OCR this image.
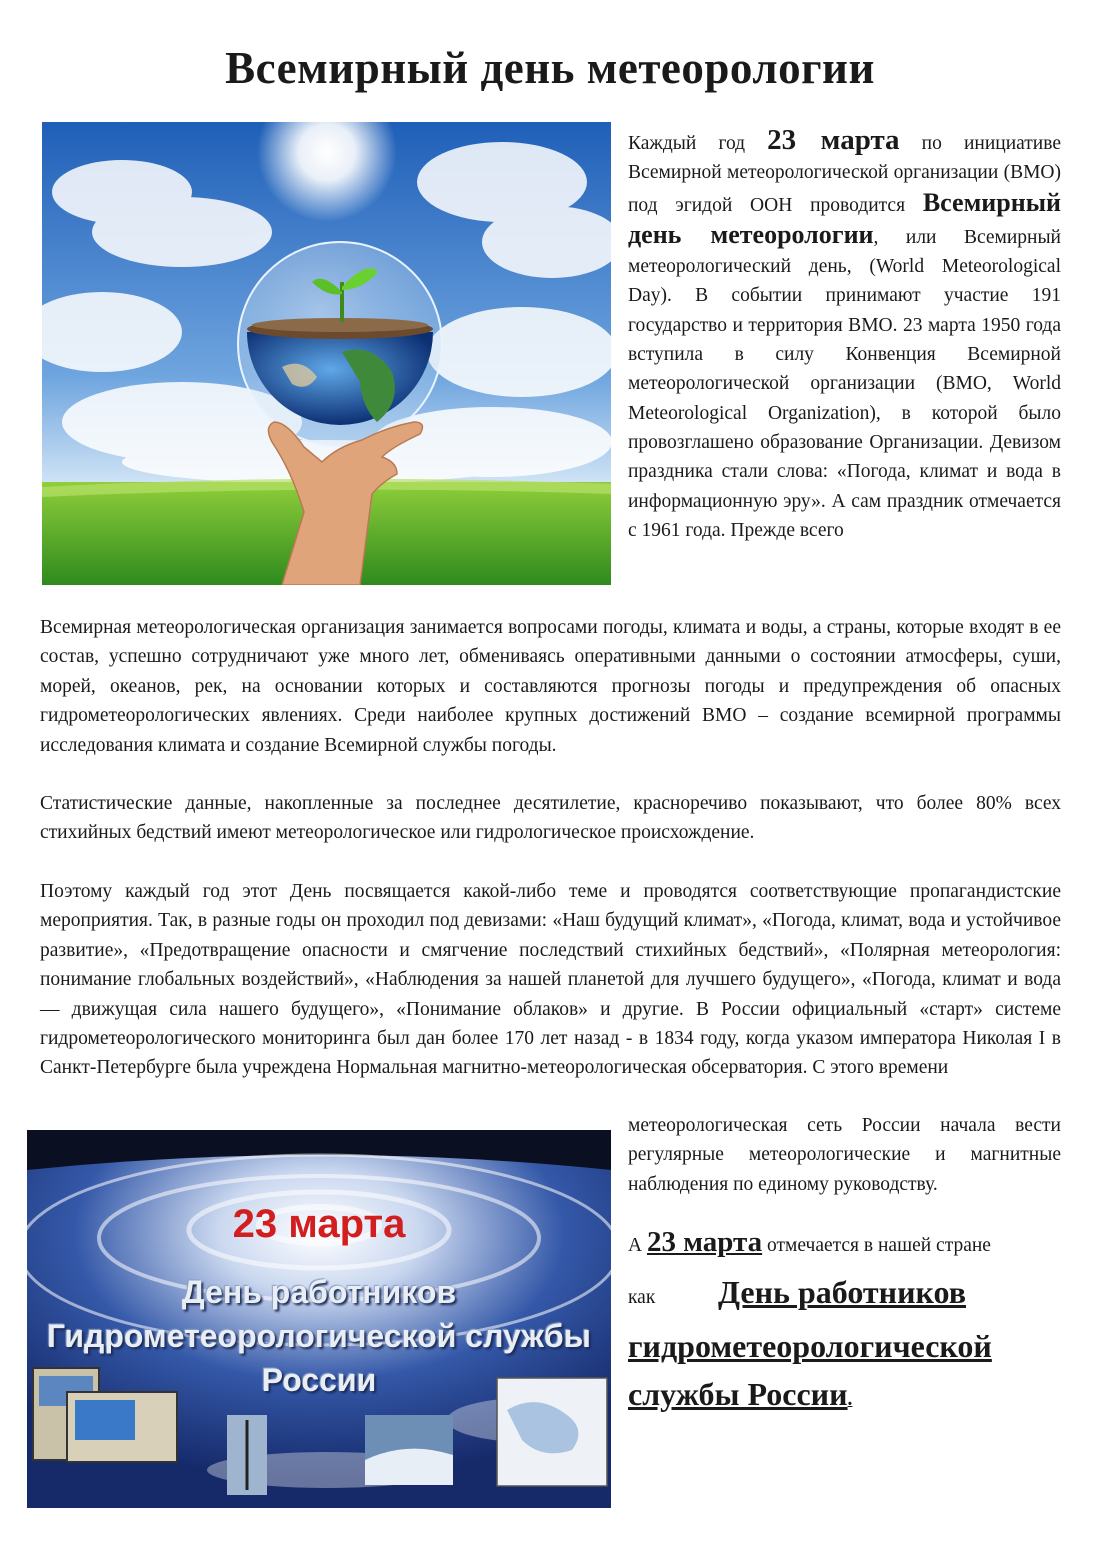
Всемирный день метеорологии

Каждый год 23 марта по инициативе Всемирной метеорологической организации (ВМО) под эгидой ООН проводится Всемирный день метеорологии, или Всемирный метеорологический день, (World Meteorological Day). В событии принимают участие 191 государство и территория ВМО. 23 марта 1950 года вступила в силу Конвенция Всемирной метеорологической организации (ВМО, World Meteorological Organization), в которой было провозглашено образование Организации. Девизом праздника стали слова: «Погода, климат и вода в информационную эру». А сам праздник отмечается с 1961 года. Прежде всего

Всемирная метеорологическая организация занимается вопросами погоды, климата и воды, а страны, которые входят в ее состав, успешно сотрудничают уже много лет, обмениваясь оперативными данными о состоянии атмосферы, суши, морей, океанов, рек, на основании которых и составляются прогнозы погоды и предупреждения об опасных гидрометеорологических явлениях. Среди наиболее крупных достижений ВМО – создание всемирной программы исследования климата и создание Всемирной службы погоды.

Статистические данные, накопленные за последнее десятилетие, красноречиво показывают, что более 80% всех стихийных бедствий имеют метеорологическое или гидрологическое происхождение.

Поэтому каждый год этот День посвящается какой-либо теме и проводятся соответствующие пропагандистские мероприятия. Так, в разные годы он проходил под девизами: «Наш будущий климат», «Погода, климат, вода и устойчивое развитие», «Предотвращение опасности и смягчение последствий стихийных бедствий», «Полярная метеорология: понимание глобальных воздействий», «Наблюдения за нашей планетой для лучшего будущего», «Погода, климат и вода — движущая сила нашего будущего», «Понимание облаков» и другие. В России официальный «старт» системе гидрометеорологического мониторинга был дан более 170 лет назад - в 1834 году, когда указом императора Николая I в Санкт-Петербурге была учреждена Нормальная магнитно-метеорологическая обсерватория. С этого времени

метеорологическая сеть России начала вести регулярные метеорологические и магнитные наблюдения по единому руководству.

23 марта
День работников Гидрометеорологической службы России

А 23 марта отмечается в нашей стране

как День работников гидрометеорологической службы России.
